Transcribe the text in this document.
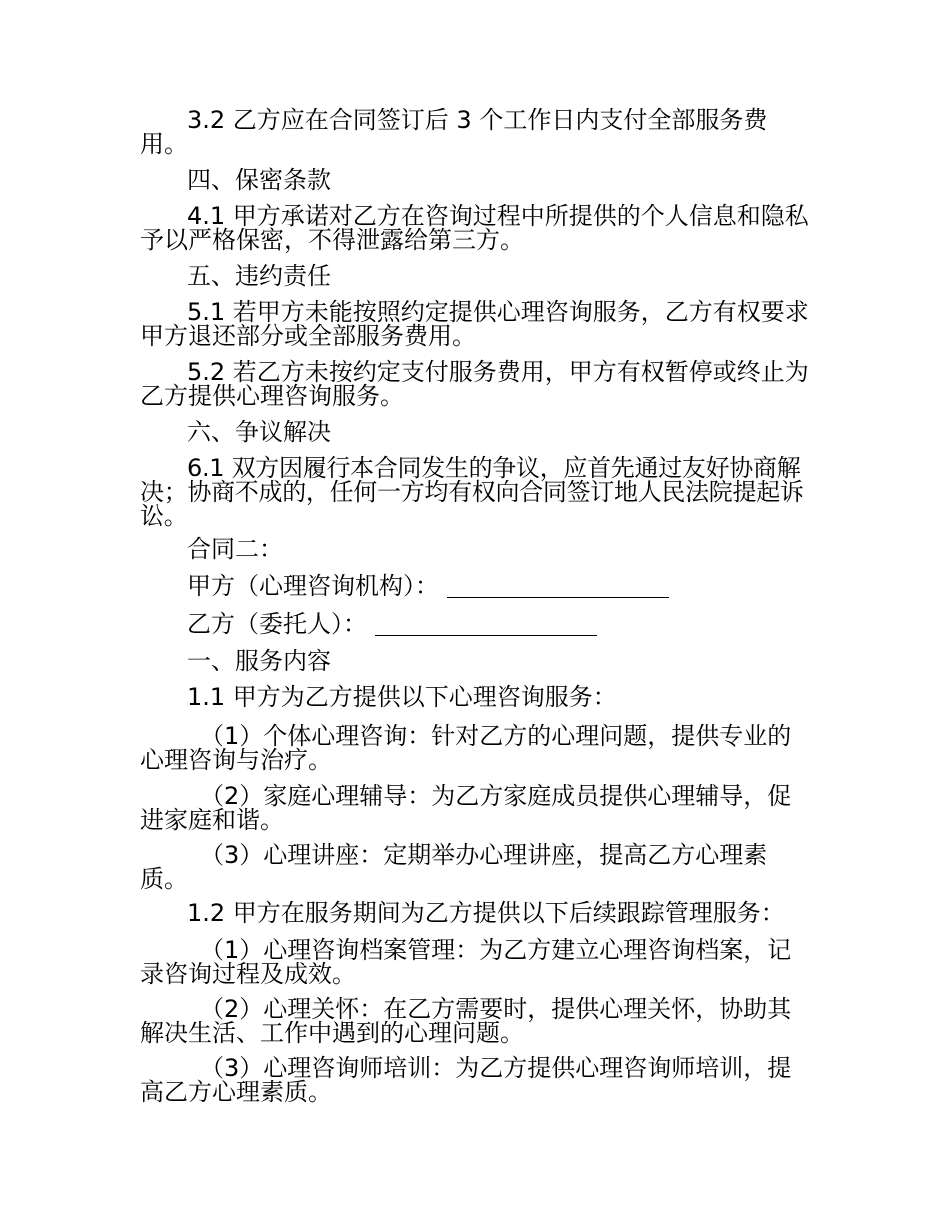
3.2 乙方应在合同签订后 3 个工作日内支付全部服务费用。

四、保密条款

4.1 甲方承诺对乙方在咨询过程中所提供的个人信息和隐私予以严格保密，不得泄露给第三方。

五、违约责任

5.1 若甲方未能按照约定提供心理咨询服务，乙方有权要求甲方退还部分或全部服务费用。

5.2 若乙方未按约定支付服务费用，甲方有权暂停或终止为乙方提供心理咨询服务。

六、争议解决

6.1 双方因履行本合同发生的争议，应首先通过友好协商解决；协商不成的，任何一方均有权向合同签订地人民法院提起诉讼。

合同二：

甲方（心理咨询机构）：

乙方（委托人）：

一、服务内容

1.1 甲方为乙方提供以下心理咨询服务：

（1）个体心理咨询：针对乙方的心理问题，提供专业的心理咨询与治疗。

（2）家庭心理辅导：为乙方家庭成员提供心理辅导，促进家庭和谐。

（3）心理讲座：定期举办心理讲座，提高乙方心理素质。

1.2 甲方在服务期间为乙方提供以下后续跟踪管理服务：

（1）心理咨询档案管理：为乙方建立心理咨询档案，记录咨询过程及成效。

（2）心理关怀：在乙方需要时，提供心理关怀，协助其解决生活、工作中遇到的心理问题。

（3）心理咨询师培训：为乙方提供心理咨询师培训，提高乙方心理素质。
